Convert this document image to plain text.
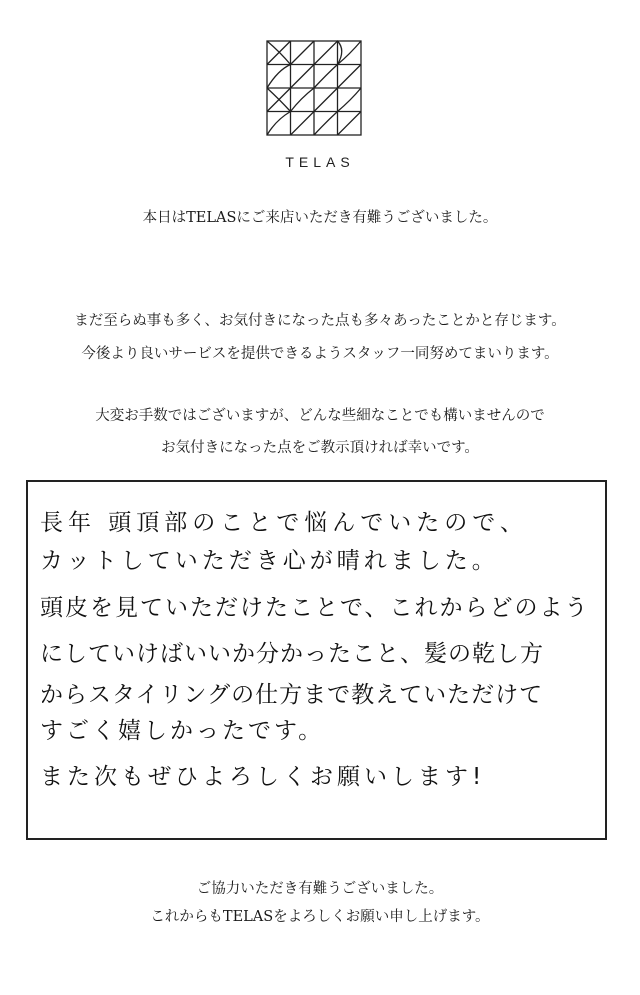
TELAS
本日はTELASにご来店いただき有難うございました。
まだ至らぬ事も多く、お気付きになった点も多々あったことかと存じます。
今後より良いサービスを提供できるようスタッフ一同努めてまいります。
大変お手数ではございますが、どんな些細なことでも構いませんので
お気付きになった点をご教示頂ければ幸いです。
長年 頭頂部のことで悩んでいたので、
カットしていただき心が晴れました。
頭皮を見ていただけたことで、これからどのよう
にしていけばいいか分かったこと、髪の乾し方
からスタイリングの仕方まで教えていただけて
すごく嬉しかったです。
また次もぜひよろしくお願いします!
ご協力いただき有難うございました。
これからもTELASをよろしくお願い申し上げます。
